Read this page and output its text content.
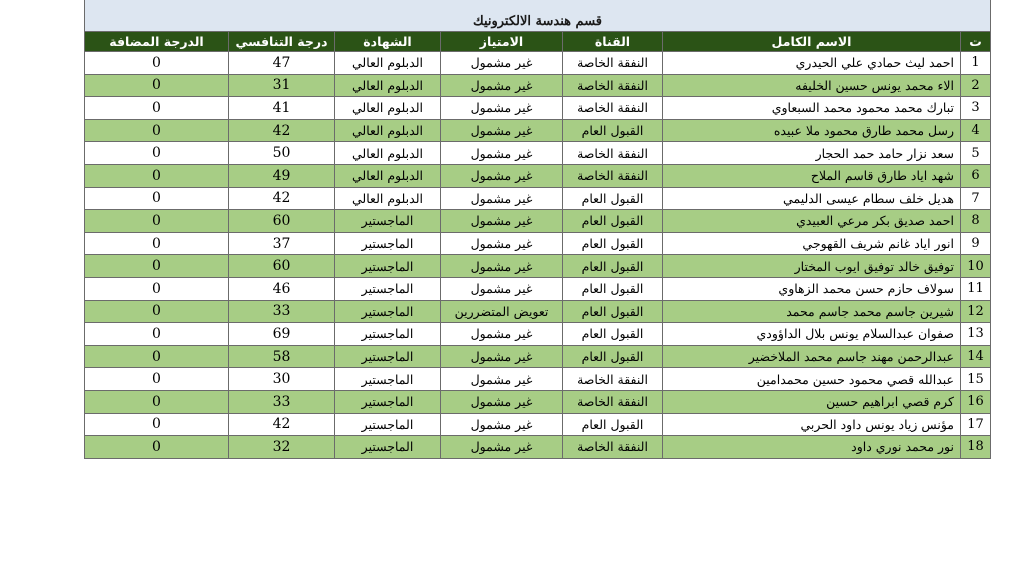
قسم هندسة الالكترونيك						
ت	الاسم الكامل	القناة	الامتياز	الشهادة	درجة التنافسي	الدرجة المضافة
1	احمد ليث حمادي علي الحيدري	النفقة الخاصة	غير مشمول	الدبلوم العالي	47	0
2	الاء محمد يونس حسين الخليفه	النفقة الخاصة	غير مشمول	الدبلوم العالي	31	0
3	تبارك محمد محمود محمد السبعاوي	النفقة الخاصة	غير مشمول	الدبلوم العالي	41	0
4	رسل محمد طارق محمود ملا عبيده	القبول العام	غير مشمول	الدبلوم العالي	42	0
5	سعد نزار حامد حمد الحجار	النفقة الخاصة	غير مشمول	الدبلوم العالي	50	0
6	شهد اياد طارق قاسم الملاح	النفقة الخاصة	غير مشمول	الدبلوم العالي	49	0
7	هديل خلف سطام عيسى الدليمي	القبول العام	غير مشمول	الدبلوم العالي	42	0
8	احمد صديق بكر مرعي العبيدي	القبول العام	غير مشمول	الماجستير	60	0
9	انور اياد غانم شريف القهوجي	القبول العام	غير مشمول	الماجستير	37	0
10	توفيق خالد توفيق ايوب المختار	القبول العام	غير مشمول	الماجستير	60	0
11	سولاف حازم حسن محمد الزهاوي	القبول العام	غير مشمول	الماجستير	46	0
12	شيرين جاسم محمد جاسم محمد	القبول العام	تعويض المتضررين	الماجستير	33	0
13	صفوان عبدالسلام يونس بلال الداؤودي	القبول العام	غير مشمول	الماجستير	69	0
14	عبدالرحمن مهند جاسم محمد الملاخضير	القبول العام	غير مشمول	الماجستير	58	0
15	عبدالله قصي محمود حسين محمدامين	النفقة الخاصة	غير مشمول	الماجستير	30	0
16	كرم قصي ابراهيم حسين	النفقة الخاصة	غير مشمول	الماجستير	33	0
17	مؤنس زياد يونس داود الحربي	القبول العام	غير مشمول	الماجستير	42	0
18	نور محمد نوري داود	النفقة الخاصة	غير مشمول	الماجستير	32	0
